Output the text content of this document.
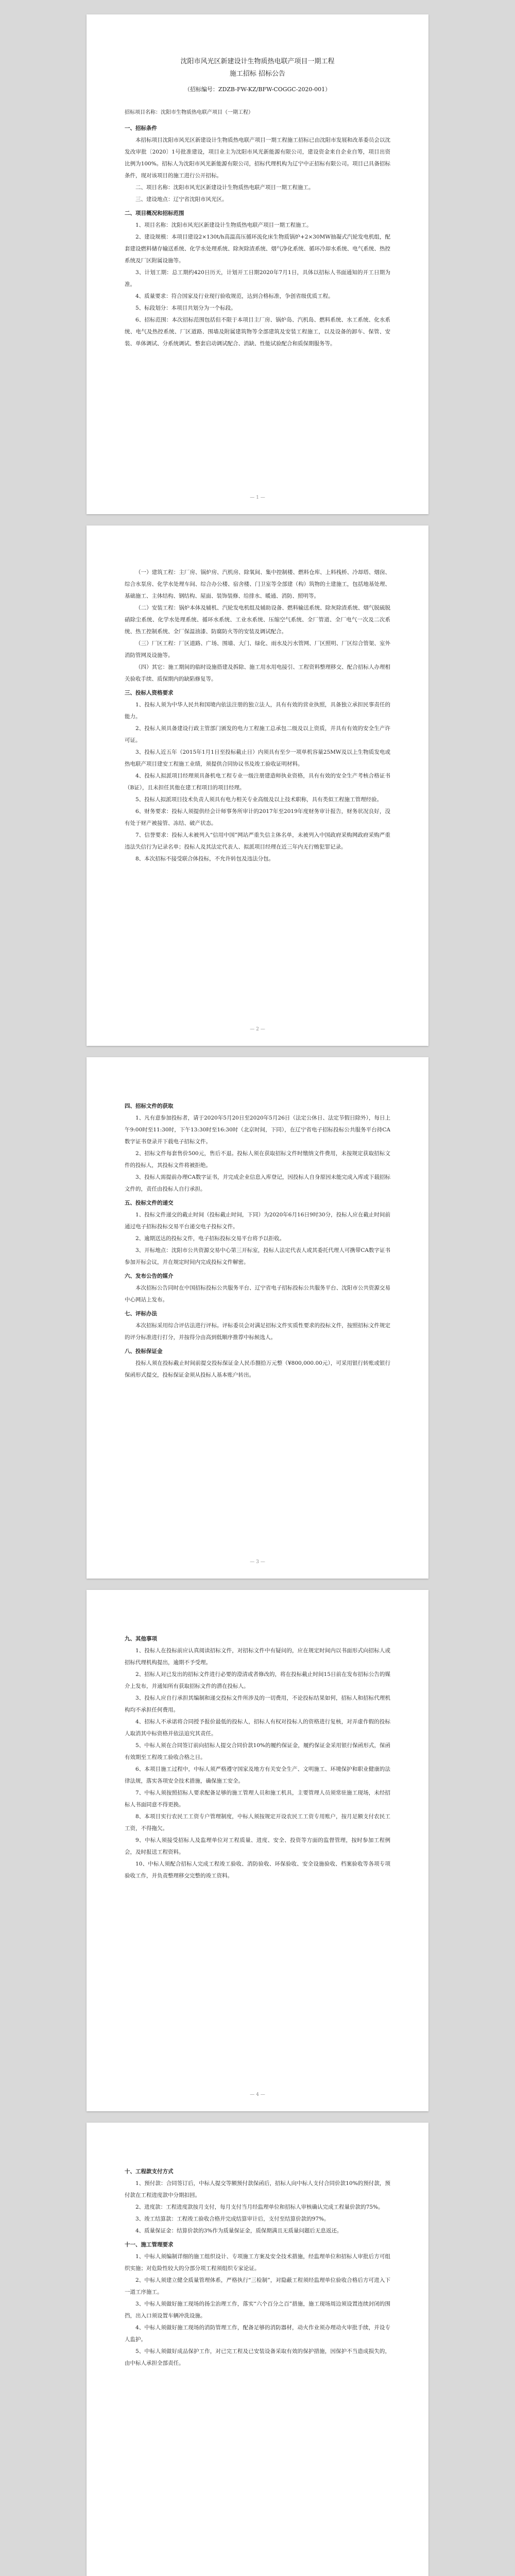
沈阳市风光区新建设计生物质热电联产项目一期工程
施工招标 招标公告
（招标编号：ZDZB-FW-KZ/BFW-COGGC-2020-001）
招标项目名称：沈阳市生物质热电联产项目（一期工程）
一、招标条件
本招标项目沈阳市风光区新建设计生物质热电联产项目一期工程施工招标已由沈阳市发展和改革委员会以沈发改审批〔2020〕1号批准建设，项目业主为沈阳市风光新能源有限公司，建设资金来自企业自筹，项目出资比例为100%。招标人为沈阳市风光新能源有限公司，招标代理机构为辽宁中正招标有限公司。项目已具备招标条件，现对该项目的施工进行公开招标。
二、项目名称：沈阳市风光区新建设计生物质热电联产项目一期工程施工。
三、建设地点：辽宁省沈阳市风光区。
二、项目概况和招标范围
1、项目名称：沈阳市风光区新建设计生物质热电联产项目一期工程施工。
2、建设规模：本项目建设2×130t/h高温高压循环流化床生物质锅炉+2×30MW抽凝式汽轮发电机组，配套建设燃料储存输送系统、化学水处理系统、除灰除渣系统、烟气净化系统、循环冷却水系统、电气系统、热控系统及厂区附属设施等。
3、计划工期：总工期约420日历天，计划开工日期2020年7月1日，具体以招标人书面通知的开工日期为准。
4、质量要求：符合国家及行业现行验收规范，达到合格标准，争创省级优质工程。
5、标段划分：本项目共划分为一个标段。
6、招标范围：本次招标范围包括但不限于本项目主厂房、锅炉岛、汽机岛、燃料系统、水工系统、化水系统、电气及热控系统、厂区道路、围墙及附属建筑物等全部建筑及安装工程施工，以及设备的卸车、保管、安装、单体调试、分系统调试、整套启动调试配合、消缺、性能试验配合和质保期服务等。
— 1 —
（一）建筑工程：主厂房、锅炉房、汽机房、除氧间、集中控制楼、燃料仓库、上料栈桥、冷却塔、烟囱、综合水泵房、化学水处理车间、综合办公楼、宿舍楼、门卫室等全部建（构）筑物的土建施工，包括地基处理、基础施工、主体结构、钢结构、屋面、装饰装修、给排水、暖通、消防、照明等。
（二）安装工程：锅炉本体及辅机、汽轮发电机组及辅助设备、燃料输送系统、除灰除渣系统、烟气脱硫脱硝除尘系统、化学水处理系统、循环水系统、工业水系统、压缩空气系统、全厂管道、全厂电气一次及二次系统、热工控制系统、全厂保温油漆、防腐防火等的安装及调试配合。
（三）厂区工程：厂区道路、广场、围墙、大门、绿化、雨水及污水管网、厂区照明、厂区综合管架、室外消防管网及设施等。
（四）其它：施工期间的临时设施搭建及拆除、施工用水用电接引、工程资料整理移交、配合招标人办理相关验收手续、质保期内的缺陷修复等。
三、投标人资格要求
1、投标人须为中华人民共和国境内依法注册的独立法人，具有有效的营业执照，具备独立承担民事责任的能力。
2、投标人须具备建设行政主管部门颁发的电力工程施工总承包二级及以上资质，并具有有效的安全生产许可证。
3、投标人近五年（2015年1月1日至投标截止日）内须具有至少一项单机容量25MW及以上生物质发电或热电联产项目建安工程施工业绩，须提供合同协议书及竣工验收证明材料。
4、投标人拟派项目经理须具备机电工程专业一级注册建造师执业资格，具有有效的安全生产考核合格证书（B证），且未担任其他在建工程项目的项目经理。
5、投标人拟派项目技术负责人须具有电力相关专业高级及以上技术职称，具有类似工程施工管理经验。
6、财务要求：投标人须提供经会计师事务所审计的2017年至2019年度财务审计报告，财务状况良好，没有处于财产被接管、冻结、破产状态。
7、信誉要求：投标人未被列入“信用中国”网站严重失信主体名单，未被列入中国政府采购网政府采购严重违法失信行为记录名单；投标人及其法定代表人、拟派项目经理在近三年内无行贿犯罪记录。
8、本次招标不接受联合体投标，不允许转包及违法分包。
— 2 —
四、招标文件的获取
1、凡有意参加投标者，请于2020年5月20日至2020年5月26日（法定公休日、法定节假日除外），每日上午9:00时至11:30时，下午13:30时至16:30时（北京时间，下同），在辽宁省电子招标投标公共服务平台持CA数字证书登录并下载电子招标文件。
2、招标文件每套售价500元，售后不退。投标人须在获取招标文件时缴纳文件费用，未按规定获取招标文件的投标人，其投标文件将被拒绝。
3、投标人需提前办理CA数字证书，并完成企业信息入库登记，因投标人自身原因未能完成入库或下载招标文件的，责任由投标人自行承担。
五、投标文件的递交
1、投标文件递交的截止时间（投标截止时间，下同）为2020年6月16日9时30分，投标人应在截止时间前通过电子招标投标交易平台递交电子投标文件。
2、逾期送达的投标文件，电子招标投标交易平台将予以拒收。
3、开标地点：沈阳市公共资源交易中心第三开标室，投标人法定代表人或其委托代理人可携带CA数字证书参加开标会议，并在规定时间内完成投标文件解密。
六、发布公告的媒介
本次招标公告同时在中国招标投标公共服务平台、辽宁省电子招标投标公共服务平台、沈阳市公共资源交易中心网站上发布。
七、评标办法
本次招标采用综合评估法进行评标。评标委员会对满足招标文件实质性要求的投标文件，按照招标文件规定的评分标准进行打分，并按得分由高到低顺序推荐中标候选人。
八、投标保证金
投标人须在投标截止时间前提交投标保证金人民币捌拾万元整（¥800,000.00元），可采用银行转账或银行保函形式提交，投标保证金须从投标人基本账户转出。
— 3 —
九、其他事项
1、投标人在投标前应认真阅读招标文件，对招标文件中有疑问的，应在规定时间内以书面形式向招标人或招标代理机构提出，逾期不予受理。
2、招标人对已发出的招标文件进行必要的澄清或者修改的，将在投标截止时间15日前在发布招标公告的媒介上发布，并通知所有获取招标文件的潜在投标人。
3、投标人应自行承担其编制和递交投标文件所涉及的一切费用，不论投标结果如何，招标人和招标代理机构均不承担任何费用。
4、招标人不承诺将合同授予报价最低的投标人，招标人有权对投标人的资格进行复核，对弄虚作假的投标人取消其中标资格并依法追究其责任。
5、中标人须在合同签订前向招标人提交合同价款10%的履约保证金，履约保证金采用银行保函形式，保函有效期至工程竣工验收合格之日。
6、本项目施工过程中，中标人须严格遵守国家及地方有关安全生产、文明施工、环境保护和职业健康的法律法规，落实各项安全技术措施，确保施工安全。
7、中标人须按照招标人要求配备足够的施工管理人员和施工机具，主要管理人员须常驻施工现场，未经招标人书面同意不得更换。
8、本项目实行农民工工资专户管理制度，中标人须按规定开设农民工工资专用账户，按月足额支付农民工工资，不得拖欠。
9、中标人须接受招标人及监理单位对工程质量、进度、安全、投资等方面的监督管理，按时参加工程例会，及时报送工程资料。
10、中标人须配合招标人完成工程竣工验收、消防验收、环保验收、安全设施验收、档案验收等各项专项验收工作，并负责整理移交完整的竣工资料。
— 4 —
十、工程款支付方式
1、预付款：合同签订后，中标人提交等额预付款保函后，招标人向中标人支付合同价款10%的预付款，预付款在工程进度款中分期扣回。
2、进度款：工程进度款按月支付，每月支付当月经监理单位和招标人审核确认完成工程量价款的75%。
3、竣工结算款：工程竣工验收合格并完成结算审计后，支付至结算价款的97%。
4、质量保证金：结算价款的3%作为质量保证金，质保期满且无质量问题后无息返还。
十一、施工管理要求
1、中标人须编制详细的施工组织设计、专项施工方案及安全技术措施，经监理单位和招标人审批后方可组织实施；对危险性较大的分部分项工程须组织专家论证。
2、中标人须建立健全质量管理体系，严格执行“三检制”，对隐蔽工程须经监理单位验收合格后方可进入下一道工序施工。
3、中标人须做好施工现场的扬尘治理工作，落实“六个百分之百”措施，施工现场周边须设置连续封闭的围挡，出入口须设置车辆冲洗设施。
4、中标人须做好施工现场的消防管理工作，配备足够的消防器材，动火作业须办理动火审批手续，并设专人监护。
5、中标人须做好成品保护工作，对已完工程及已安装设备采取有效的保护措施，因保护不当造成损失的，由中标人承担全部责任。
